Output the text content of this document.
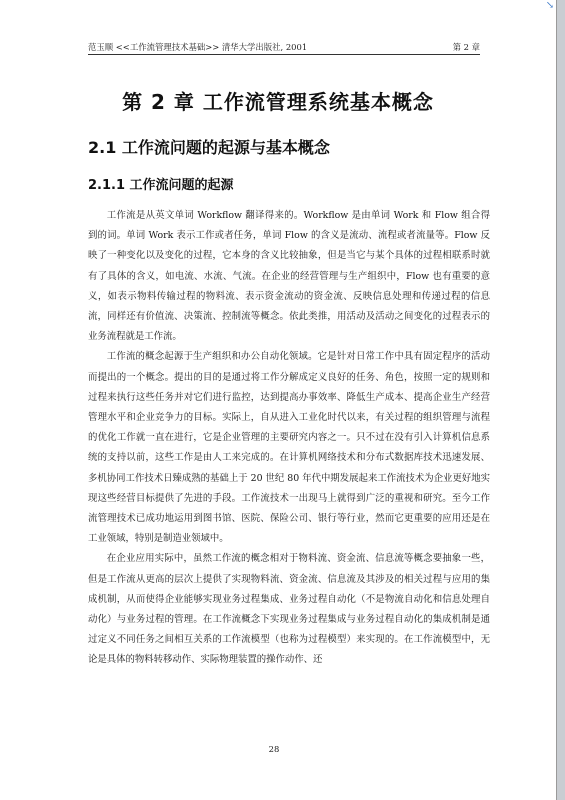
↘
范玉顺 <<工作流管理技术基础>> 清华大学出版社, 2001	第 2 章
第 2 章 工作流管理系统基本概念
2.1 工作流问题的起源与基本概念
2.1.1 工作流问题的起源

工作流是从英文单词 Workflow 翻译得来的。Workflow 是由单词 Work 和 Flow 组合得到的词。单词 Work 表示工作或者任务，单词 Flow 的含义是流动、流程或者流量等。Flow 反映了一种变化以及变化的过程，它本身的含义比较抽象，但是当它与某个具体的过程相联系时就有了具体的含义，如电流、水流、气流。在企业的经营管理与生产组织中，Flow 也有重要的意义，如表示物料传输过程的物料流、表示资金流动的资金流、反映信息处理和传递过程的信息流，同样还有价值流、决策流、控制流等概念。依此类推，用活动及活动之间变化的过程表示的业务流程就是工作流。

工作流的概念起源于生产组织和办公自动化领域。它是针对日常工作中具有固定程序的活动而提出的一个概念。提出的目的是通过将工作分解成定义良好的任务、角色，按照一定的规则和过程来执行这些任务并对它们进行监控，达到提高办事效率、降低生产成本、提高企业生产经营管理水平和企业竞争力的目标。实际上，自从进入工业化时代以来，有关过程的组织管理与流程的优化工作就一直在进行，它是企业管理的主要研究内容之一。只不过在没有引入计算机信息系统的支持以前，这些工作是由人工来完成的。在计算机网络技术和分布式数据库技术迅速发展、多机协同工作技术日臻成熟的基础上于 20 世纪 80 年代中期发展起来工作流技术为企业更好地实现这些经营目标提供了先进的手段。工作流技术一出现马上就得到广泛的重视和研究。至今工作流管理技术已成功地运用到图书馆、医院、保险公司、银行等行业，然而它更重要的应用还是在工业领域，特别是制造业领域中。

在企业应用实际中，虽然工作流的概念相对于物料流、资金流、信息流等概念要抽象一些，但是工作流从更高的层次上提供了实现物料流、资金流、信息流及其涉及的相关过程与应用的集成机制，从而使得企业能够实现业务过程集成、业务过程自动化（不是物流自动化和信息处理自动化）与业务过程的管理。在工作流概念下实现业务过程集成与业务过程自动化的集成机制是通过定义不同任务之间相互关系的工作流模型（也称为过程模型）来实现的。在工作流模型中，无论是具体的物料转移动作、实际物理装置的操作动作、还

28
